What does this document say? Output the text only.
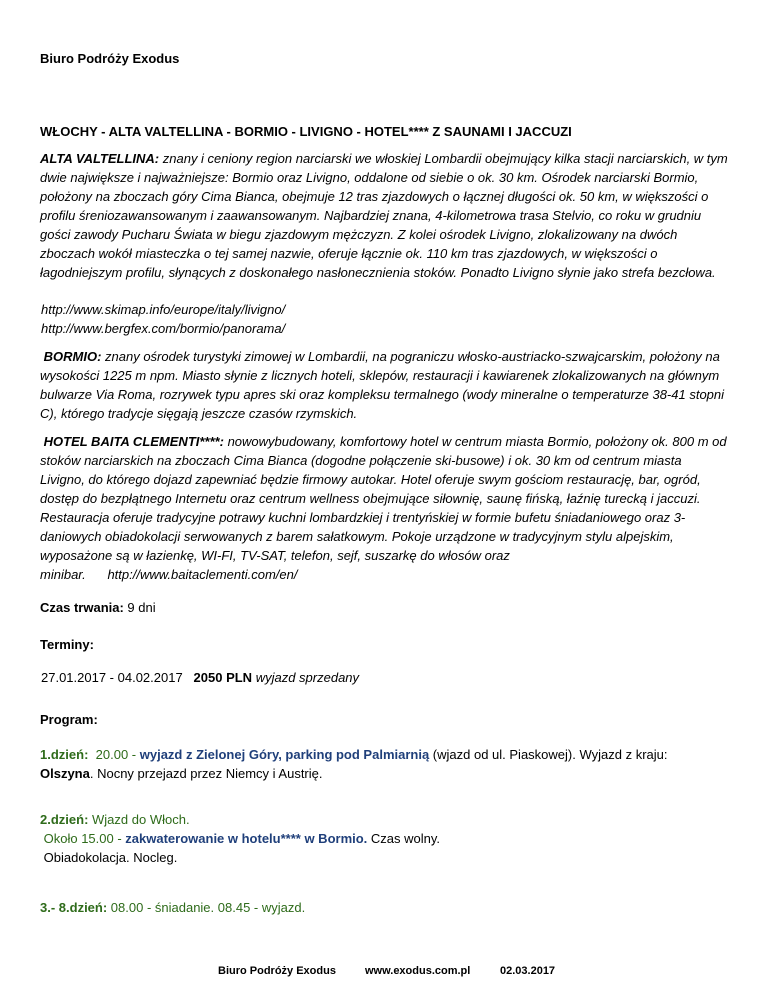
Biuro Podróży Exodus
WŁOCHY - ALTA VALTELLINA - BORMIO - LIVIGNO - HOTEL**** Z SAUNAMI I JACCUZI
ALTA VALTELLINA: znany i ceniony region narciarski we włoskiej Lombardii obejmujący kilka stacji narciarskich, w tym dwie największe i najważniejsze: Bormio oraz Livigno, oddalone od siebie o ok. 30 km. Ośrodek narciarski Bormio, położony na zboczach góry Cima Bianca, obejmuje 12 tras zjazdowych o łącznej długości ok. 50 km, w większości o profilu śreniozawansowanym i zaawansowanym. Najbardziej znana, 4-kilometrowa trasa Stelvio, co roku w grudniu gości zawody Pucharu Świata w biegu zjazdowym mężczyzn. Z kolei ośrodek Livigno, zlokalizowany na dwóch zboczach wokół miasteczka o tej samej nazwie, oferuje łącznie ok. 110 km tras zjazdowych, w większości o łagodniejszym profilu, słynących z doskonałego nasłonecznienia stoków. Ponadto Livigno słynie jako strefa bezcłowa.
http://www.skimap.info/europe/italy/livigno/
http://www.bergfex.com/bormio/panorama/
BORMIO: znany ośrodek turystyki zimowej w Lombardii, na pograniczu włosko-austriacko-szwajcarskim, położony na wysokości 1225 m npm. Miasto słynie z licznych hoteli, sklepów, restauracji i kawiarenek zlokalizowanych na głównym bulwarze Via Roma, rozrywek typu apres ski oraz kompleksu termalnego (wody mineralne o temperaturze 38-41 stopni C), którego tradycje sięgają jeszcze czasów rzymskich.
HOTEL BAITA CLEMENTI****: nowowybudowany, komfortowy hotel w centrum miasta Bormio, położony ok. 800 m od stoków narciarskich na zboczach Cima Bianca (dogodne połączenie ski-busowe) i ok. 30 km od centrum miasta Livigno, do którego dojazd zapewniać będzie firmowy autokar. Hotel oferuje swym gościom restaurację, bar, ogród, dostęp do bezpłątnego Internetu oraz centrum wellness obejmujące siłownię, saunę fińską, łaźnię turecką i jaccuzi. Restauracja oferuje tradycyjne potrawy kuchni lombardzkiej i trentyńskiej w formie bufetu śniadaniowego oraz 3-daniowych obiadokolacji serwowanych z barem sałatkowym. Pokoje urządzone w tradycyjnym stylu alpejskim, wyposażone są w łazienkę, WI-FI, TV-SAT, telefon, sejf, suszarkę do włosów oraz minibar. http://www.baitaclementi.com/en/
Czas trwania: 9 dni
Terminy:
27.01.2017 - 04.02.2017 2050 PLN wyjazd sprzedany
Program:
1.dzień: 20.00 - wyjazd z Zielonej Góry, parking pod Palmiarnią (wjazd od ul. Piaskowej). Wyjazd z kraju:
Olszyna. Nocny przejazd przez Niemcy i Austrię.
2.dzień: Wjazd do Włoch.
Około 15.00 - zakwaterowanie w hotelu**** w Bormio. Czas wolny.
Obiadokolacja. Nocleg.
3.- 8.dzień: 08.00 - śniadanie. 08.45 - wyjazd.
Biuro Podróży Exodus	www.exodus.com.pl	02.03.2017
